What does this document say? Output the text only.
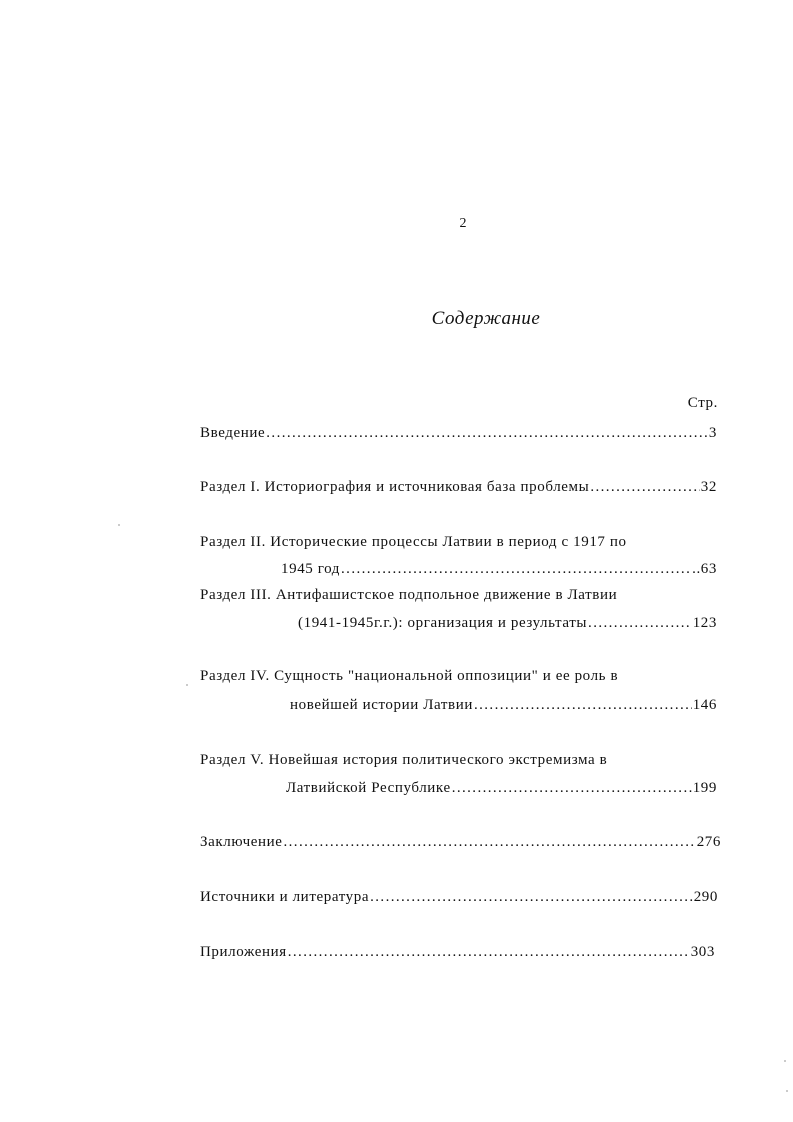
2
Содержание
Стр.
Введение .....	3
Раздел I. Историография и источниковая база проблемы .....	32
Раздел II. Исторические процессы Латвии в период с 1917 по
1945 год .....	..63
Раздел III. Антифашистское подпольное движение в Латвии
(1941-1945г.г.): организация и результаты .....	123
Раздел IV. Сущность "национальной оппозиции" и ее роль в
новейшей истории Латвии .....	146
Раздел V. Новейшая история политического экстремизма в
Латвийской Республике .....	199
Заключение .....	276
Источники и литература .....	290
Приложения .....	303
